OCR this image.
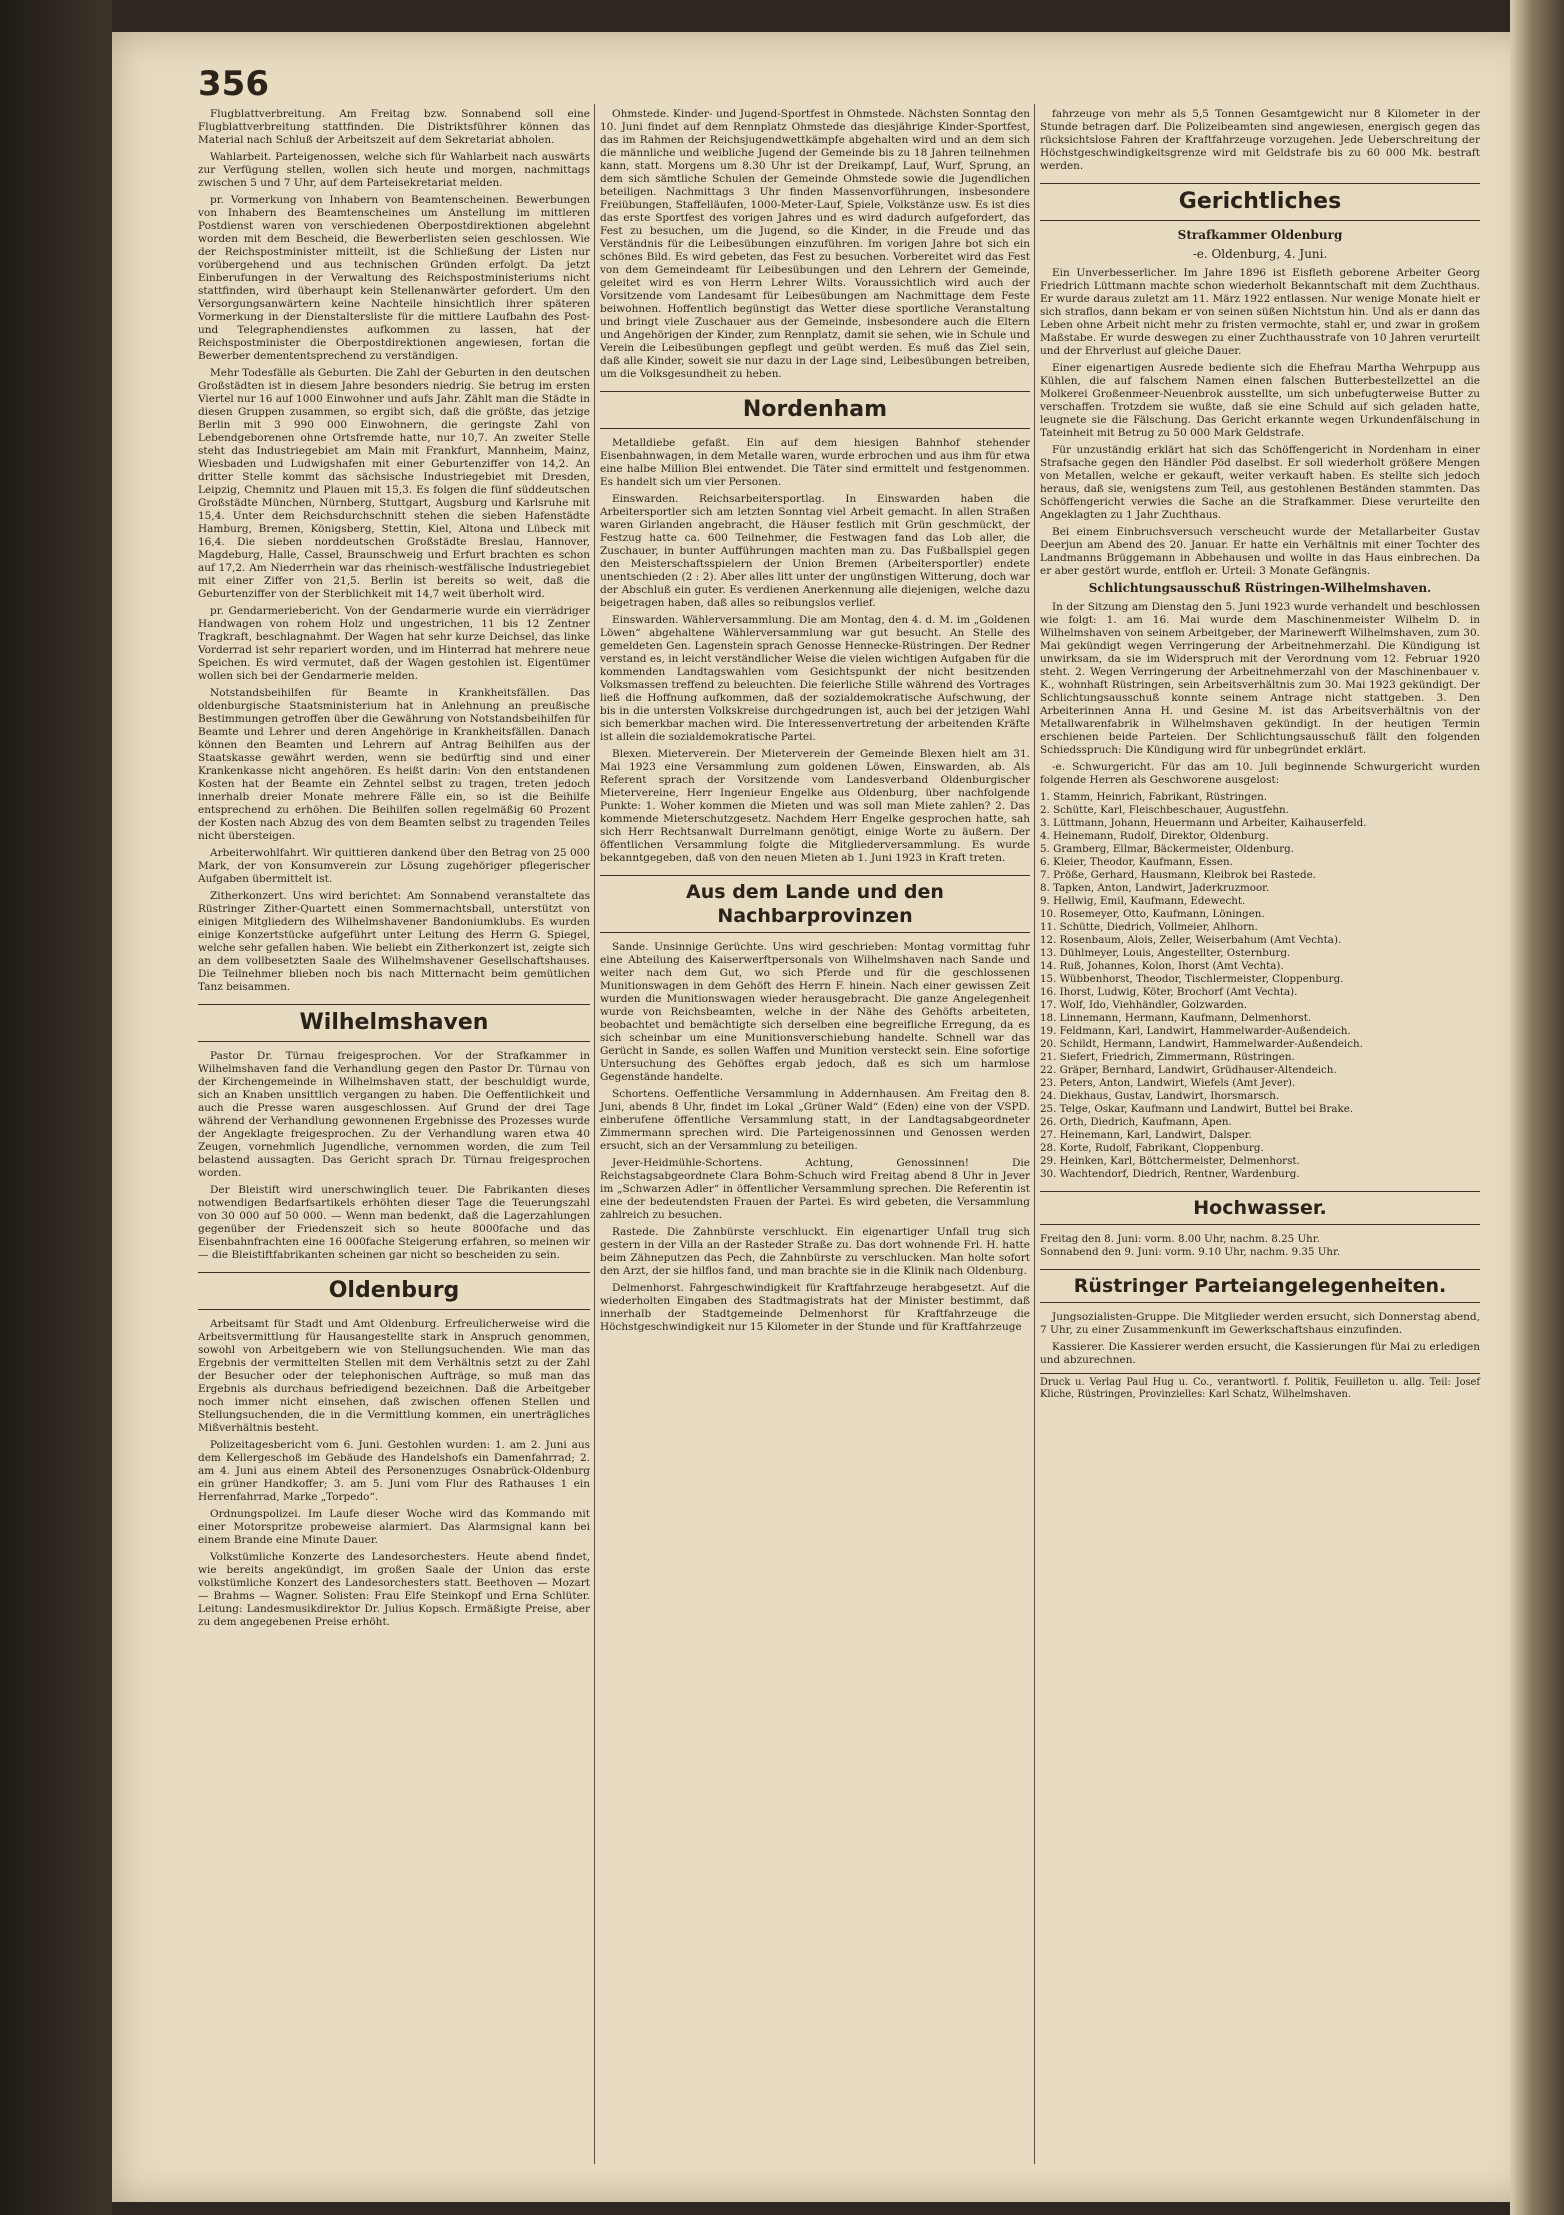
356

Flugblattverbreitung. Am Freitag bzw. Sonnabend soll eine Flugblattverbreitung stattfinden. Die Distriktsführer können das Material nach Schluß der Arbeitszeit auf dem Sekretariat abholen.

Wahlarbeit. Parteigenossen, welche sich für Wahlarbeit nach auswärts zur Verfügung stellen, wollen sich heute und morgen, nachmittags zwischen 5 und 7 Uhr, auf dem Parteisekretariat melden.

pr. Vormerkung von Inhabern von Beamtenscheinen. Bewerbungen von Inhabern des Beamtenscheines um Anstellung im mittleren Postdienst waren von verschiedenen Oberpostdirektionen abgelehnt worden mit dem Bescheid, die Bewerberlisten seien geschlossen. Wie der Reichspostminister mitteilt, ist die Schließung der Listen nur vorübergehend und aus technischen Gründen erfolgt. Da jetzt Einberufungen in der Verwaltung des Reichspostministeriums nicht stattfinden, wird überhaupt kein Stellenanwärter gefordert. Um den Versorgungsanwärtern keine Nachteile hinsichtlich ihrer späteren Vormerkung in der Dienstaltersliste für die mittlere Laufbahn des Post- und Telegraphendienstes aufkommen zu lassen, hat der Reichspostminister die Oberpostdirektionen angewiesen, fortan die Bewerber demententsprechend zu verständigen.

Mehr Todesfälle als Geburten. Die Zahl der Geburten in den deutschen Großstädten ist in diesem Jahre besonders niedrig. Sie betrug im ersten Viertel nur 16 auf 1000 Einwohner und aufs Jahr. Zählt man die Städte in diesen Gruppen zusammen, so ergibt sich, daß die größte, das jetzige Berlin mit 3 990 000 Einwohnern, die geringste Zahl von Lebendgeborenen ohne Ortsfremde hatte, nur 10,7. An zweiter Stelle steht das Industriegebiet am Main mit Frankfurt, Mannheim, Mainz, Wiesbaden und Ludwigshafen mit einer Geburtenziffer von 14,2. An dritter Stelle kommt das sächsische Industriegebiet mit Dresden, Leipzig, Chemnitz und Plauen mit 15,3. Es folgen die fünf süddeutschen Großstädte München, Nürnberg, Stuttgart, Augsburg und Karlsruhe mit 15,4. Unter dem Reichsdurchschnitt stehen die sieben Hafenstädte Hamburg, Bremen, Königsberg, Stettin, Kiel, Altona und Lübeck mit 16,4. Die sieben norddeutschen Großstädte Breslau, Hannover, Magdeburg, Halle, Cassel, Braunschweig und Erfurt brachten es schon auf 17,2. Am Niederrhein war das rheinisch-westfälische Industriegebiet mit einer Ziffer von 21,5. Berlin ist bereits so weit, daß die Geburtenziffer von der Sterblichkeit mit 14,7 weit überholt wird.

pr. Gendarmeriebericht. Von der Gendarmerie wurde ein vierrädriger Handwagen von rohem Holz und ungestrichen, 11 bis 12 Zentner Tragkraft, beschlagnahmt. Der Wagen hat sehr kurze Deichsel, das linke Vorderrad ist sehr repariert worden, und im Hinterrad hat mehrere neue Speichen. Es wird vermutet, daß der Wagen gestohlen ist. Eigentümer wollen sich bei der Gendarmerie melden.

Notstandsbeihilfen für Beamte in Krankheitsfällen. Das oldenburgische Staatsministerium hat in Anlehnung an preußische Bestimmungen getroffen über die Gewährung von Notstandsbeihilfen für Beamte und Lehrer und deren Angehörige in Krankheitsfällen. Danach können den Beamten und Lehrern auf Antrag Beihilfen aus der Staatskasse gewährt werden, wenn sie bedürftig sind und einer Krankenkasse nicht angehören. Es heißt darin: Von den entstandenen Kosten hat der Beamte ein Zehntel selbst zu tragen, treten jedoch innerhalb dreier Monate mehrere Fälle ein, so ist die Beihilfe entsprechend zu erhöhen. Die Beihilfen sollen regelmäßig 60 Prozent der Kosten nach Abzug des von dem Beamten selbst zu tragenden Teiles nicht übersteigen.

Arbeiterwohlfahrt. Wir quittieren dankend über den Betrag von 25 000 Mark, der von Konsumverein zur Lösung zugehöriger pflegerischer Aufgaben übermittelt ist.

Zitherkonzert. Uns wird berichtet: Am Sonnabend veranstaltete das Rüstringer Zither-Quartett einen Sommernachtsball, unterstützt von einigen Mitgliedern des Wilhelmshavener Bandoniumklubs. Es wurden einige Konzertstücke aufgeführt unter Leitung des Herrn G. Spiegel, welche sehr gefallen haben. Wie beliebt ein Zitherkonzert ist, zeigte sich an dem vollbesetzten Saale des Wilhelmshavener Gesellschaftshauses. Die Teilnehmer blieben noch bis nach Mitternacht beim gemütlichen Tanz beisammen.

Wilhelmshaven

Pastor Dr. Türnau freigesprochen. Vor der Strafkammer in Wilhelmshaven fand die Verhandlung gegen den Pastor Dr. Türnau von der Kirchengemeinde in Wilhelmshaven statt, der beschuldigt wurde, sich an Knaben unsittlich vergangen zu haben. Die Oeffentlichkeit und auch die Presse waren ausgeschlossen. Auf Grund der drei Tage während der Verhandlung gewonnenen Ergebnisse des Prozesses wurde der Angeklagte freigesprochen. Zu der Verhandlung waren etwa 40 Zeugen, vornehmlich Jugendliche, vernommen worden, die zum Teil belastend aussagten. Das Gericht sprach Dr. Türnau freigesprochen worden.

Der Bleistift wird unerschwinglich teuer. Die Fabrikanten dieses notwendigen Bedarfsartikels erhöhten dieser Tage die Teuerungszahl von 30 000 auf 50 000. — Wenn man bedenkt, daß die Lagerzahlungen gegenüber der Friedenszeit sich so heute 8000fache und das Eisenbahnfrachten eine 16 000fache Steigerung erfahren, so meinen wir — die Bleistiftfabrikanten scheinen gar nicht so bescheiden zu sein.

Oldenburg

Arbeitsamt für Stadt und Amt Oldenburg. Erfreulicherweise wird die Arbeitsvermittlung für Hausangestellte stark in Anspruch genommen, sowohl von Arbeitgebern wie von Stellungsuchenden. Wie man das Ergebnis der vermittelten Stellen mit dem Verhältnis setzt zu der Zahl der Besucher oder der telephonischen Aufträge, so muß man das Ergebnis als durchaus befriedigend bezeichnen. Daß die Arbeitgeber noch immer nicht einsehen, daß zwischen offenen Stellen und Stellungsuchenden, die in die Vermittlung kommen, ein unerträgliches Mißverhältnis besteht.

Polizeitagesbericht vom 6. Juni. Gestohlen wurden: 1. am 2. Juni aus dem Kellergeschoß im Gebäude des Handelshofs ein Damenfahrrad; 2. am 4. Juni aus einem Abteil des Personenzuges Osnabrück-Oldenburg ein grüner Handkoffer; 3. am 5. Juni vom Flur des Rathauses 1 ein Herrenfahrrad, Marke „Torpedo“.

Ordnungspolizei. Im Laufe dieser Woche wird das Kommando mit einer Motorspritze probeweise alarmiert. Das Alarmsignal kann bei einem Brande eine Minute Dauer.

Volkstümliche Konzerte des Landesorchesters. Heute abend findet, wie bereits angekündigt, im großen Saale der Union das erste volkstümliche Konzert des Landesorchesters statt. Beethoven — Mozart — Brahms — Wagner. Solisten: Frau Elfe Steinkopf und Erna Schlüter. Leitung: Landesmusikdirektor Dr. Julius Kopsch. Ermäßigte Preise, aber zu dem angegebenen Preise erhöht.

Ohmstede. Kinder- und Jugend-Sportfest in Ohmstede. Nächsten Sonntag den 10. Juni findet auf dem Rennplatz Ohmstede das diesjährige Kinder-Sportfest, das im Rahmen der Reichsjugendwettkämpfe abgehalten wird und an dem sich die männliche und weibliche Jugend der Gemeinde bis zu 18 Jahren teilnehmen kann, statt. Morgens um 8.30 Uhr ist der Dreikampf, Lauf, Wurf, Sprung, an dem sich sämtliche Schulen der Gemeinde Ohmstede sowie die Jugendlichen beteiligen. Nachmittags 3 Uhr finden Massenvorführungen, insbesondere Freiübungen, Staffelläufen, 1000-Meter-Lauf, Spiele, Volkstänze usw. Es ist dies das erste Sportfest des vorigen Jahres und es wird dadurch aufgefordert, das Fest zu besuchen, um die Jugend, so die Kinder, in die Freude und das Verständnis für die Leibesübungen einzuführen. Im vorigen Jahre bot sich ein schönes Bild. Es wird gebeten, das Fest zu besuchen. Vorbereitet wird das Fest von dem Gemeindeamt für Leibesübungen und den Lehrern der Gemeinde, geleitet wird es von Herrn Lehrer Wilts. Voraussichtlich wird auch der Vorsitzende vom Landesamt für Leibesübungen am Nachmittage dem Feste beiwohnen. Hoffentlich begünstigt das Wetter diese sportliche Veranstaltung und bringt viele Zuschauer aus der Gemeinde, insbesondere auch die Eltern und Angehörigen der Kinder, zum Rennplatz, damit sie sehen, wie in Schule und Verein die Leibesübungen gepflegt und geübt werden. Es muß das Ziel sein, daß alle Kinder, soweit sie nur dazu in der Lage sind, Leibesübungen betreiben, um die Volksgesundheit zu heben.

Nordenham

Metalldiebe gefaßt. Ein auf dem hiesigen Bahnhof stehender Eisenbahnwagen, in dem Metalle waren, wurde erbrochen und aus ihm für etwa eine halbe Million Blei entwendet. Die Täter sind ermittelt und festgenommen. Es handelt sich um vier Personen.

Einswarden. Reichsarbeitersportlag. In Einswarden haben die Arbeitersportler sich am letzten Sonntag viel Arbeit gemacht. In allen Straßen waren Girlanden angebracht, die Häuser festlich mit Grün geschmückt, der Festzug hatte ca. 600 Teilnehmer, die Festwagen fand das Lob aller, die Zuschauer, in bunter Aufführungen machten man zu. Das Fußballspiel gegen den Meisterschaftsspielern der Union Bremen (Arbeitersportler) endete unentschieden (2 : 2). Aber alles litt unter der ungünstigen Witterung, doch war der Abschluß ein guter. Es verdienen Anerkennung alle diejenigen, welche dazu beigetragen haben, daß alles so reibungslos verlief.

Einswarden. Wählerversammlung. Die am Montag, den 4. d. M. im „Goldenen Löwen“ abgehaltene Wählerversammlung war gut besucht. An Stelle des gemeldeten Gen. Lagenstein sprach Genosse Hennecke-Rüstringen. Der Redner verstand es, in leicht verständlicher Weise die vielen wichtigen Aufgaben für die kommenden Landtagswahlen vom Gesichtspunkt der nicht besitzenden Volksmassen treffend zu beleuchten. Die feierliche Stille während des Vortrages ließ die Hoffnung aufkommen, daß der sozialdemokratische Aufschwung, der bis in die untersten Volkskreise durchgedrungen ist, auch bei der jetzigen Wahl sich bemerkbar machen wird. Die Interessenvertretung der arbeitenden Kräfte ist allein die sozialdemokratische Partei.

Blexen. Mieterverein. Der Mieterverein der Gemeinde Blexen hielt am 31. Mai 1923 eine Versammlung zum goldenen Löwen, Einswarden, ab. Als Referent sprach der Vorsitzende vom Landesverband Oldenburgischer Mietervereine, Herr Ingenieur Engelke aus Oldenburg, über nachfolgende Punkte: 1. Woher kommen die Mieten und was soll man Miete zahlen? 2. Das kommende Mieterschutzgesetz. Nachdem Herr Engelke gesprochen hatte, sah sich Herr Rechtsanwalt Durrelmann genötigt, einige Worte zu äußern. Der öffentlichen Versammlung folgte die Mitgliederversammlung. Es wurde bekanntgegeben, daß von den neuen Mieten ab 1. Juni 1923 in Kraft treten.

Aus dem Lande und den Nachbarprovinzen

Sande. Unsinnige Gerüchte. Uns wird geschrieben: Montag vormittag fuhr eine Abteilung des Kaiserwerftpersonals von Wilhelmshaven nach Sande und weiter nach dem Gut, wo sich Pferde und für die geschlossenen Munitionswagen in dem Gehöft des Herrn F. hinein. Nach einer gewissen Zeit wurden die Munitionswagen wieder herausgebracht. Die ganze Angelegenheit wurde von Reichsbeamten, welche in der Nähe des Gehöfts arbeiteten, beobachtet und bemächtigte sich derselben eine begreifliche Erregung, da es sich scheinbar um eine Munitionsverschiebung handelte. Schnell war das Gerücht in Sande, es sollen Waffen und Munition versteckt sein. Eine sofortige Untersuchung des Gehöftes ergab jedoch, daß es sich um harmlose Gegenstände handelte.

Schortens. Oeffentliche Versammlung in Addernhausen. Am Freitag den 8. Juni, abends 8 Uhr, findet im Lokal „Grüner Wald“ (Eden) eine von der VSPD. einberufene öffentliche Versammlung statt, in der Landtagsabgeordneter Zimmermann sprechen wird. Die Parteigenossinnen und Genossen werden ersucht, sich an der Versammlung zu beteiligen.

Jever-Heidmühle-Schortens. Achtung, Genossinnen! Die Reichstagsabgeordnete Clara Bohm-Schuch wird Freitag abend 8 Uhr in Jever im „Schwarzen Adler“ in öffentlicher Versammlung sprechen. Die Referentin ist eine der bedeutendsten Frauen der Partei. Es wird gebeten, die Versammlung zahlreich zu besuchen.

Rastede. Die Zahnbürste verschluckt. Ein eigenartiger Unfall trug sich gestern in der Villa an der Rasteder Straße zu. Das dort wohnende Frl. H. hatte beim Zähneputzen das Pech, die Zahnbürste zu verschlucken. Man holte sofort den Arzt, der sie hilflos fand, und man brachte sie in die Klinik nach Oldenburg.

Delmenhorst. Fahrgeschwindigkeit für Kraftfahrzeuge herabgesetzt. Auf die wiederholten Eingaben des Stadtmagistrats hat der Minister bestimmt, daß innerhalb der Stadtgemeinde Delmenhorst für Kraftfahrzeuge die Höchstgeschwindigkeit nur 15 Kilometer in der Stunde und für Kraftfahrzeuge

fahrzeuge von mehr als 5,5 Tonnen Gesamtgewicht nur 8 Kilometer in der Stunde betragen darf. Die Polizeibeamten sind angewiesen, energisch gegen das rücksichtslose Fahren der Kraftfahrzeuge vorzugehen. Jede Ueberschreitung der Höchstgeschwindigkeitsgrenze wird mit Geldstrafe bis zu 60 000 Mk. bestraft werden.

Gerichtliches
Strafkammer Oldenburg
-e. Oldenburg, 4. Juni.

Ein Unverbesserlicher. Im Jahre 1896 ist Eisfleth geborene Arbeiter Georg Friedrich Lüttmann machte schon wiederholt Bekanntschaft mit dem Zuchthaus. Er wurde daraus zuletzt am 11. März 1922 entlassen. Nur wenige Monate hielt er sich straflos, dann bekam er von seinen süßen Nichtstun hin. Und als er dann das Leben ohne Arbeit nicht mehr zu fristen vermochte, stahl er, und zwar in großem Maßstabe. Er wurde deswegen zu einer Zuchthausstrafe von 10 Jahren verurteilt und der Ehrverlust auf gleiche Dauer.

Einer eigenartigen Ausrede bediente sich die Ehefrau Martha Wehrpupp aus Kühlen, die auf falschem Namen einen falschen Butterbestellzettel an die Molkerei Großenmeer-Neuenbrok ausstellte, um sich unbefugterweise Butter zu verschaffen. Trotzdem sie wußte, daß sie eine Schuld auf sich geladen hatte, leugnete sie die Fälschung. Das Gericht erkannte wegen Urkundenfälschung in Tateinheit mit Betrug zu 50 000 Mark Geldstrafe.

Für unzuständig erklärt hat sich das Schöffengericht in Nordenham in einer Strafsache gegen den Händler Pöd daselbst. Er soll wiederholt größere Mengen von Metallen, welche er gekauft, weiter verkauft haben. Es stellte sich jedoch heraus, daß sie, wenigstens zum Teil, aus gestohlenen Beständen stammten. Das Schöffengericht verwies die Sache an die Strafkammer. Diese verurteilte den Angeklagten zu 1 Jahr Zuchthaus.

Bei einem Einbruchsversuch verscheucht wurde der Metallarbeiter Gustav Deerjun am Abend des 20. Januar. Er hatte ein Verhältnis mit einer Tochter des Landmanns Brüggemann in Abbehausen und wollte in das Haus einbrechen. Da er aber gestört wurde, entfloh er. Urteil: 3 Monate Gefängnis.

Schlichtungsausschuß Rüstringen-Wilhelmshaven.

In der Sitzung am Dienstag den 5. Juni 1923 wurde verhandelt und beschlossen wie folgt: 1. am 16. Mai wurde dem Maschinenmeister Wilhelm D. in Wilhelmshaven von seinem Arbeitgeber, der Marinewerft Wilhelmshaven, zum 30. Mai gekündigt wegen Verringerung der Arbeitnehmerzahl. Die Kündigung ist unwirksam, da sie im Widerspruch mit der Verordnung vom 12. Februar 1920 steht. 2. Wegen Verringerung der Arbeitnehmerzahl von der Maschinenbauer v. K., wohnhaft Rüstringen, sein Arbeitsverhältnis zum 30. Mai 1923 gekündigt. Der Schlichtungsausschuß konnte seinem Antrage nicht stattgeben. 3. Den Arbeiterinnen Anna H. und Gesine M. ist das Arbeitsverhältnis von der Metallwarenfabrik in Wilhelmshaven gekündigt. In der heutigen Termin erschienen beide Parteien. Der Schlichtungsausschuß fällt den folgenden Schiedsspruch: Die Kündigung wird für unbegründet erklärt.

-e. Schwurgericht. Für das am 10. Juli beginnende Schwurgericht wurden folgende Herren als Geschworene ausgelost:

1. Stamm, Heinrich, Fabrikant, Rüstringen.

2. Schütte, Karl, Fleischbeschauer, Augustfehn.

3. Lüttmann, Johann, Heuermann und Arbeiter, Kaihauserfeld.

4. Heinemann, Rudolf, Direktor, Oldenburg.

5. Gramberg, Ellmar, Bäckermeister, Oldenburg.

6. Kleier, Theodor, Kaufmann, Essen.

7. Pröße, Gerhard, Hausmann, Kleibrok bei Rastede.

8. Tapken, Anton, Landwirt, Jaderkruzmoor.

9. Hellwig, Emil, Kaufmann, Edewecht.

10. Rosemeyer, Otto, Kaufmann, Löningen.

11. Schütte, Diedrich, Vollmeier, Ahlhorn.

12. Rosenbaum, Alois, Zeller, Weiserbahum (Amt Vechta).

13. Dühlmeyer, Louis, Angestellter, Osternburg.

14. Ruß, Johannes, Kolon, Ihorst (Amt Vechta).

15. Wübbenhorst, Theodor, Tischlermeister, Cloppenburg.

16. Ihorst, Ludwig, Köter, Brochorf (Amt Vechta).

17. Wolf, Ido, Viehhändler, Golzwarden.

18. Linnemann, Hermann, Kaufmann, Delmenhorst.

19. Feldmann, Karl, Landwirt, Hammelwarder-Außendeich.

20. Schildt, Hermann, Landwirt, Hammelwarder-Außendeich.

21. Siefert, Friedrich, Zimmermann, Rüstringen.

22. Gräper, Bernhard, Landwirt, Grüdhauser-Altendeich.

23. Peters, Anton, Landwirt, Wiefels (Amt Jever).

24. Diekhaus, Gustav, Landwirt, Ihorsmarsch.

25. Telge, Oskar, Kaufmann und Landwirt, Buttel bei Brake.

26. Orth, Diedrich, Kaufmann, Apen.

27. Heinemann, Karl, Landwirt, Dalsper.

28. Korte, Rudolf, Fabrikant, Cloppenburg.

29. Heinken, Karl, Böttchermeister, Delmenhorst.

30. Wachtendorf, Diedrich, Rentner, Wardenburg.

Hochwasser.

Freitag den 8. Juni: vorm. 8.00 Uhr, nachm. 8.25 Uhr.

Sonnabend den 9. Juni: vorm. 9.10 Uhr, nachm. 9.35 Uhr.

Rüstringer Parteiangelegenheiten.

Jungsozialisten-Gruppe. Die Mitglieder werden ersucht, sich Donnerstag abend, 7 Uhr, zu einer Zusammenkunft im Gewerkschaftshaus einzufinden.

Kassierer. Die Kassierer werden ersucht, die Kassierungen für Mai zu erledigen und abzurechnen.

Druck u. Verlag Paul Hug u. Co., verantwortl. f. Politik, Feuilleton u. allg. Teil: Josef Kliche, Rüstringen, Provinzielles: Karl Schatz, Wilhelmshaven.
